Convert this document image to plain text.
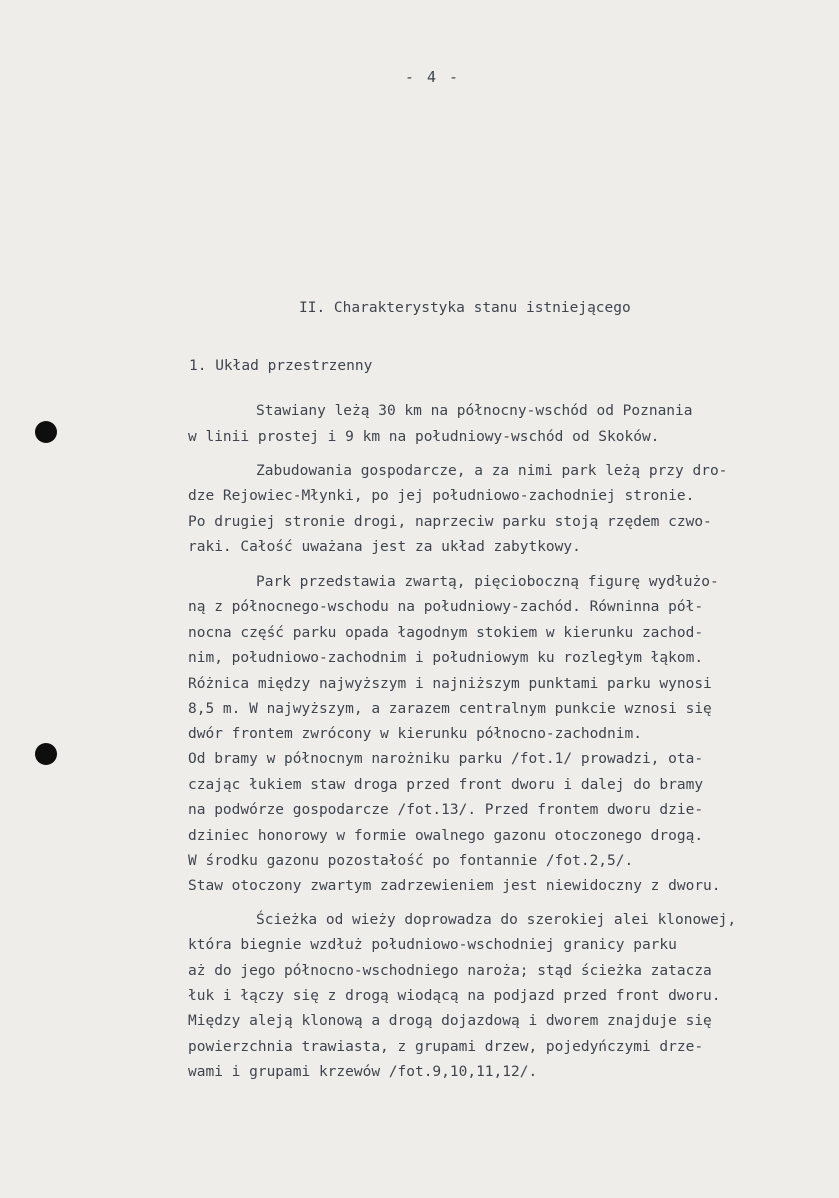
- 4 -
II. Charakterystyka stanu istniejącego
1. Układ przestrzenny
Stawiany leżą 30 km na północny-wschód od Poznania
w linii prostej i 9 km na południowy-wschód od Skoków.
Zabudowania gospodarcze, a za nimi park leżą przy dro-
dze Rejowiec-Młynki, po jej południowo-zachodniej stronie.
Po drugiej stronie drogi, naprzeciw parku stoją rzędem czwo-
raki. Całość uważana jest za układ zabytkowy.
Park przedstawia zwartą, pięcioboczną figurę wydłużo-
ną z północnego-wschodu na południowy-zachód. Równinna pół-
nocna część parku opada łagodnym stokiem w kierunku zachod-
nim, południowo-zachodnim i południowym ku rozległym łąkom.
Różnica między najwyższym i najniższym punktami parku wynosi
8,5 m. W najwyższym, a zarazem centralnym punkcie wznosi się
dwór frontem zwrócony w kierunku północno-zachodnim.
Od bramy w północnym narożniku parku /fot.1/ prowadzi, ota-
czając łukiem staw droga przed front dworu i dalej do bramy
na podwórze gospodarcze /fot.13/. Przed frontem dworu dzie-
dziniec honorowy w formie owalnego gazonu otoczonego drogą.
W środku gazonu pozostałość po fontannie /fot.2,5/.
Staw otoczony zwartym zadrzewieniem jest niewidoczny z dworu.
Ścieżka od wieży doprowadza do szerokiej alei klonowej,
która biegnie wzdłuż południowo-wschodniej granicy parku
aż do jego północno-wschodniego naroża; stąd ścieżka zatacza
łuk i łączy się z drogą wiodącą na podjazd przed front dworu.
Między aleją klonową a drogą dojazdową i dworem znajduje się
powierzchnia trawiasta, z grupami drzew, pojedyńczymi drze-
wami i grupami krzewów /fot.9,10,11,12/.
